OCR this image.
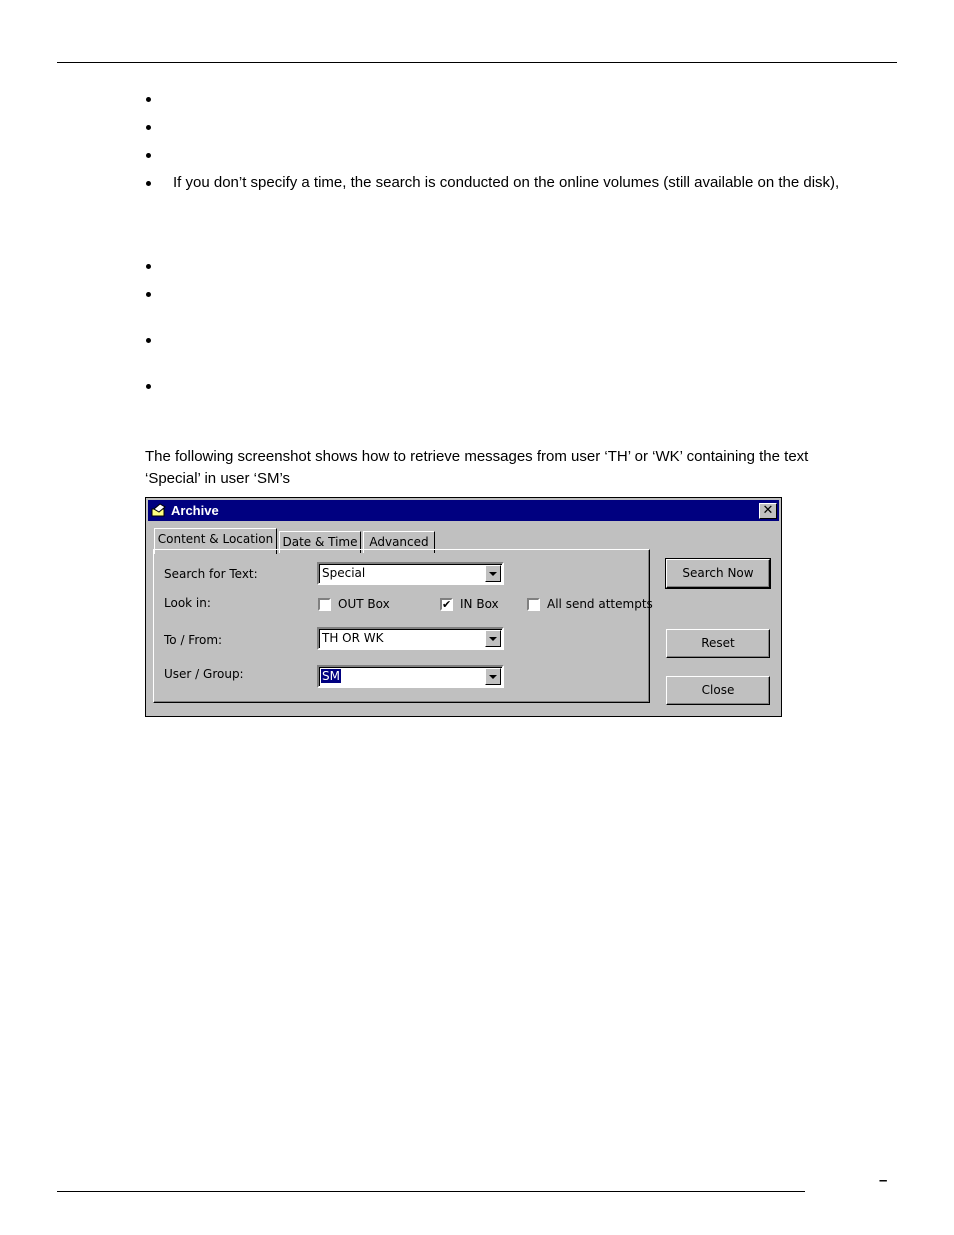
If you don’t specify a time, the search is conducted on the online volumes (still available on the disk),
The following screenshot shows how to retrieve messages from user ‘TH’ or ‘WK’ containing the text
‘Special’ in user ‘SM’s
Archive	✕
Content & Location Date & Time Advanced
Search for Text:	Special
Look in:	OUT Box	✔ IN Box	All send attempts
To / From:	TH OR WK
User / Group:	SM
Search Now
Reset
Close
–
